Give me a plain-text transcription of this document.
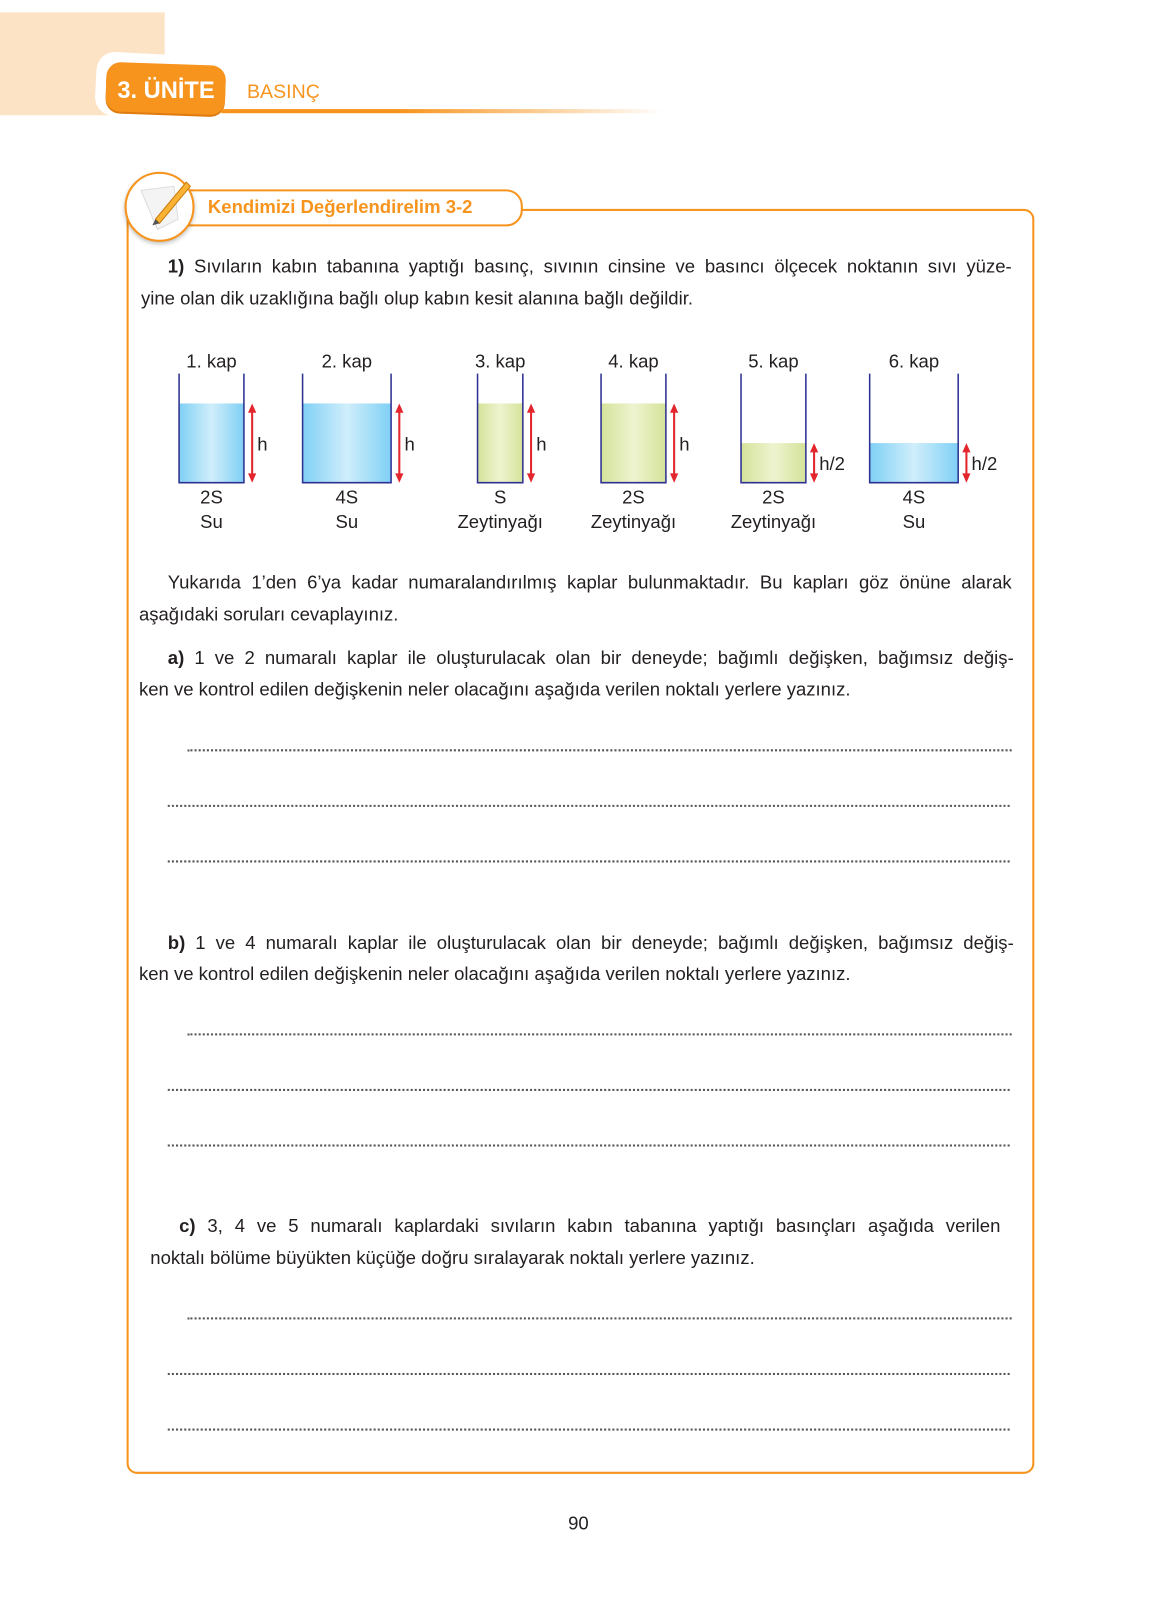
3. ÜNİTE BASINÇ
Kendimizi Değerlendirelim 3-2
1) Sıvıların kabın tabanına yaptığı basınç, sıvının cinsine ve basıncı ölçecek noktanın sıvı yüze-
yine olan dik uzaklığına bağlı olup kabın kesit alanına bağlı değildir.
1. kap
h
2S
Su
2. kap
h
4S
Su
3. kap
h
S
Zeytinyağı
4. kap
h
2S
Zeytinyağı
5. kap
h/2
2S
Zeytinyağı
6. kap
h/2
4S
Su
Yukarıda 1’den 6’ya kadar numaralandırılmış kaplar bulunmaktadır. Bu kapları göz önüne alarak
aşağıdaki soruları cevaplayınız.
a) 1 ve 2 numaralı kaplar ile oluşturulacak olan bir deneyde; bağımlı değişken, bağımsız değiş-
ken ve kontrol edilen değişkenin neler olacağını aşağıda verilen noktalı yerlere yazınız.
b) 1 ve 4 numaralı kaplar ile oluşturulacak olan bir deneyde; bağımlı değişken, bağımsız değiş-
ken ve kontrol edilen değişkenin neler olacağını aşağıda verilen noktalı yerlere yazınız.
c) 3, 4 ve 5 numaralı kaplardaki sıvıların kabın tabanına yaptığı basınçları aşağıda verilen
noktalı bölüme büyükten küçüğe doğru sıralayarak noktalı yerlere yazınız.
90
